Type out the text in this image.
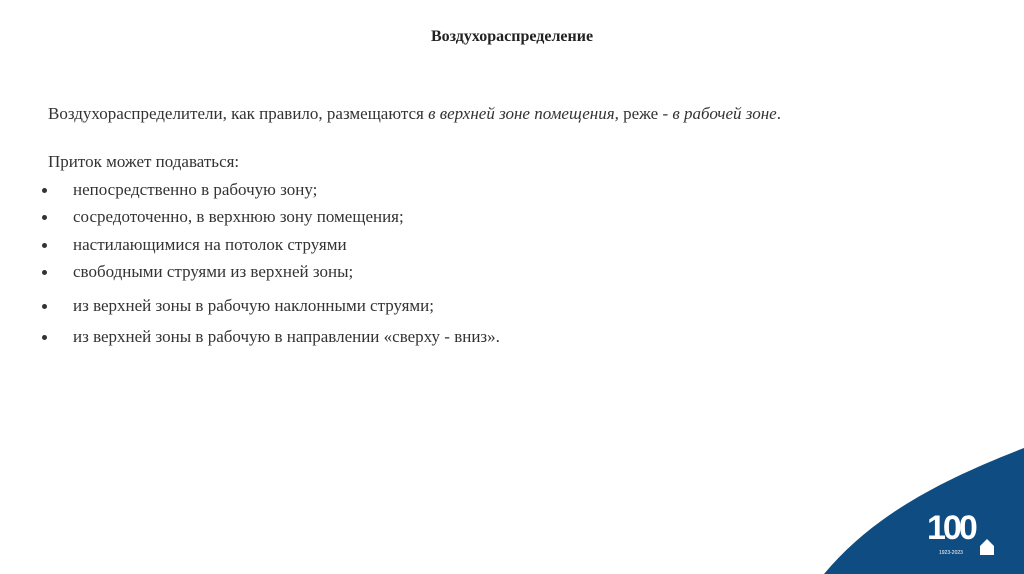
Воздухораспределение

Воздухораспределители, как правило, размещаются в верхней зоне помещения, реже - в рабочей зоне.

Приток может подаваться:

непосредственно в рабочую зону;
сосредоточенно, в верхнюю зону помещения;
настилающимися на потолок струями
свободными струями из верхней зоны;
из верхней зоны в рабочую наклонными струями;
из верхней зоны в рабочую в направлении «сверху - вниз».
100
1923-2023
